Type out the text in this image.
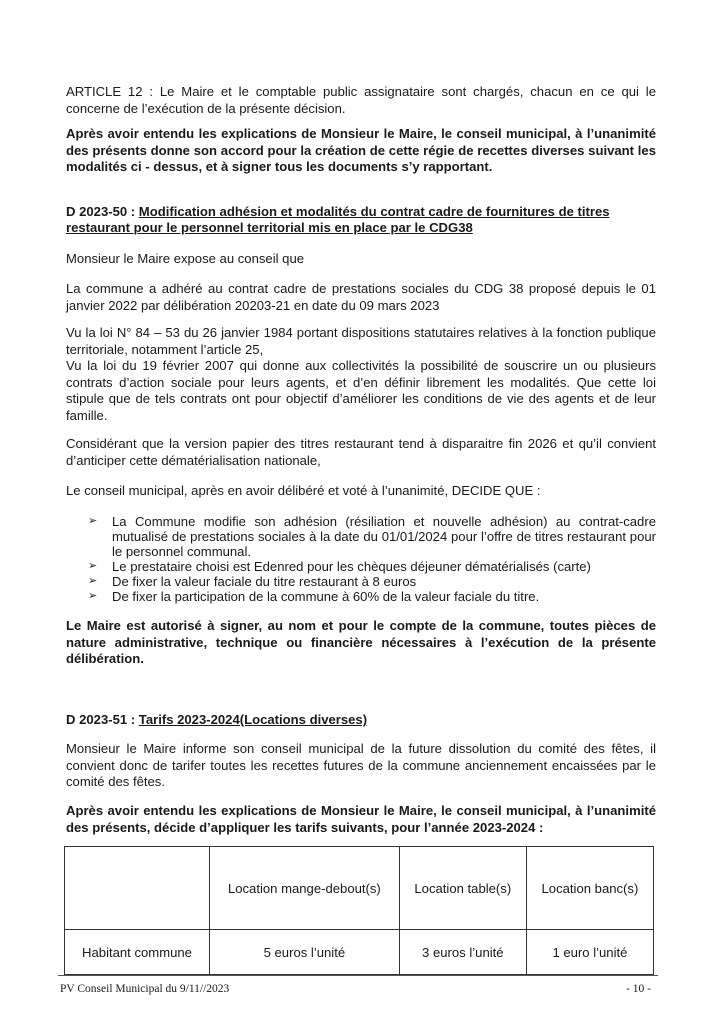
ARTICLE 12 : Le Maire et le comptable public assignataire sont chargés, chacun en ce qui le concerne de l’exécution de la présente décision.

Après avoir entendu les explications de Monsieur le Maire, le conseil municipal, à l’unanimité des présents donne son accord pour la création de cette régie de recettes diverses suivant les modalités ci - dessus, et à signer tous les documents s’y rapportant.

D 2023-50 : Modification adhésion et modalités du contrat cadre de fournitures de titres restaurant pour le personnel territorial mis en place par le CDG38

Monsieur le Maire expose au conseil que

La commune a adhéré au contrat cadre de prestations sociales du CDG 38 proposé depuis le 01 janvier 2022 par délibération 20203-21 en date du 09 mars 2023

Vu la loi N° 84 – 53 du 26 janvier 1984 portant dispositions statutaires relatives à la fonction publique territoriale, notamment l’article 25,

Vu la loi du 19 février 2007 qui donne aux collectivités la possibilité de souscrire un ou plusieurs contrats d’action sociale pour leurs agents, et d’en définir librement les modalités. Que cette loi stipule que de tels contrats ont pour objectif d’améliorer les conditions de vie des agents et de leur famille.

Considérant que la version papier des titres restaurant tend à disparaitre fin 2026 et qu’il convient d’anticiper cette dématérialisation nationale,

Le conseil municipal, après en avoir délibéré et voté à l’unanimité, DECIDE QUE :

➢ La Commune modifie son adhésion (résiliation et nouvelle adhésion) au contrat-cadre mutualisé de prestations sociales à la date du 01/01/2024 pour l’offre de titres restaurant pour le personnel communal.
➢ Le prestataire choisi est Edenred pour les chèques déjeuner dématérialisés (carte)
➢ De fixer la valeur faciale du titre restaurant à 8 euros
➢ De fixer la participation de la commune à 60% de la valeur faciale du titre.

Le Maire est autorisé à signer, au nom et pour le compte de la commune, toutes pièces de nature administrative, technique ou financière nécessaires à l’exécution de la présente délibération.

D 2023-51 : Tarifs 2023-2024(Locations diverses)

Monsieur le Maire informe son conseil municipal de la future dissolution du comité des fêtes, il convient donc de tarifer toutes les recettes futures de la commune anciennement encaissées par le comité des fêtes.

Après avoir entendu les explications de Monsieur le Maire, le conseil municipal, à l’unanimité des présents, décide d’appliquer les tarifs suivants, pour l’année 2023-2024 :

	Location mange-debout(s)	Location table(s)	Location banc(s)
Habitant commune	5 euros l’unité	3 euros l’unité	1 euro l’unité
PV Conseil Municipal du 9/11//2023	- 10 -
